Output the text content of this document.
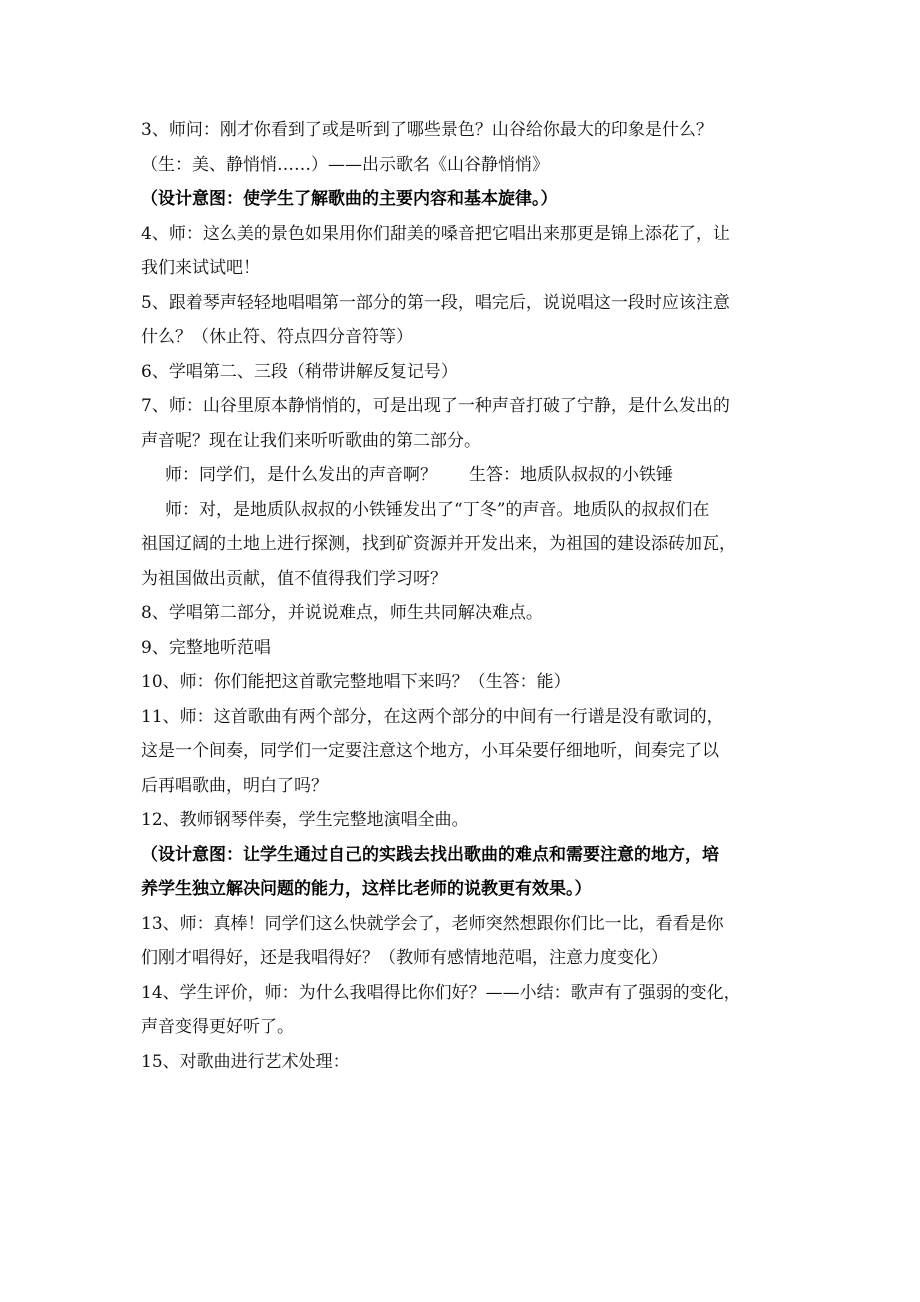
3、师问：刚才你看到了或是听到了哪些景色？山谷给你最大的印象是什么？
（生：美、静悄悄……）——出示歌名《山谷静悄悄》
（设计意图：使学生了解歌曲的主要内容和基本旋律。）
4、师：这么美的景色如果用你们甜美的嗓音把它唱出来那更是锦上添花了，让
我们来试试吧！
5、跟着琴声轻轻地唱唱第一部分的第一段，唱完后，说说唱这一段时应该注意
什么？（休止符、符点四分音符等）
6、学唱第二、三段（稍带讲解反复记号）
7、师：山谷里原本静悄悄的，可是出现了一种声音打破了宁静，是什么发出的
声音呢？现在让我们来听听歌曲的第二部分。
师：同学们，是什么发出的声音啊？ 生答：地质队叔叔的小铁锤
师：对，是地质队叔叔的小铁锤发出了“丁冬”的声音。地质队的叔叔们在
祖国辽阔的土地上进行探测，找到矿资源并开发出来，为祖国的建设添砖加瓦，
为祖国做出贡献，值不值得我们学习呀？
8、学唱第二部分，并说说难点，师生共同解决难点。
9、完整地听范唱
10、师：你们能把这首歌完整地唱下来吗？（生答：能）
11、师：这首歌曲有两个部分，在这两个部分的中间有一行谱是没有歌词的，
这是一个间奏，同学们一定要注意这个地方，小耳朵要仔细地听，间奏完了以
后再唱歌曲，明白了吗？
12、教师钢琴伴奏，学生完整地演唱全曲。
（设计意图：让学生通过自己的实践去找出歌曲的难点和需要注意的地方，培
养学生独立解决问题的能力，这样比老师的说教更有效果。）
13、师：真棒！同学们这么快就学会了，老师突然想跟你们比一比，看看是你
们刚才唱得好，还是我唱得好？（教师有感情地范唱，注意力度变化）
14、学生评价，师：为什么我唱得比你们好？——小结：歌声有了强弱的变化，
声音变得更好听了。
15、对歌曲进行艺术处理：
